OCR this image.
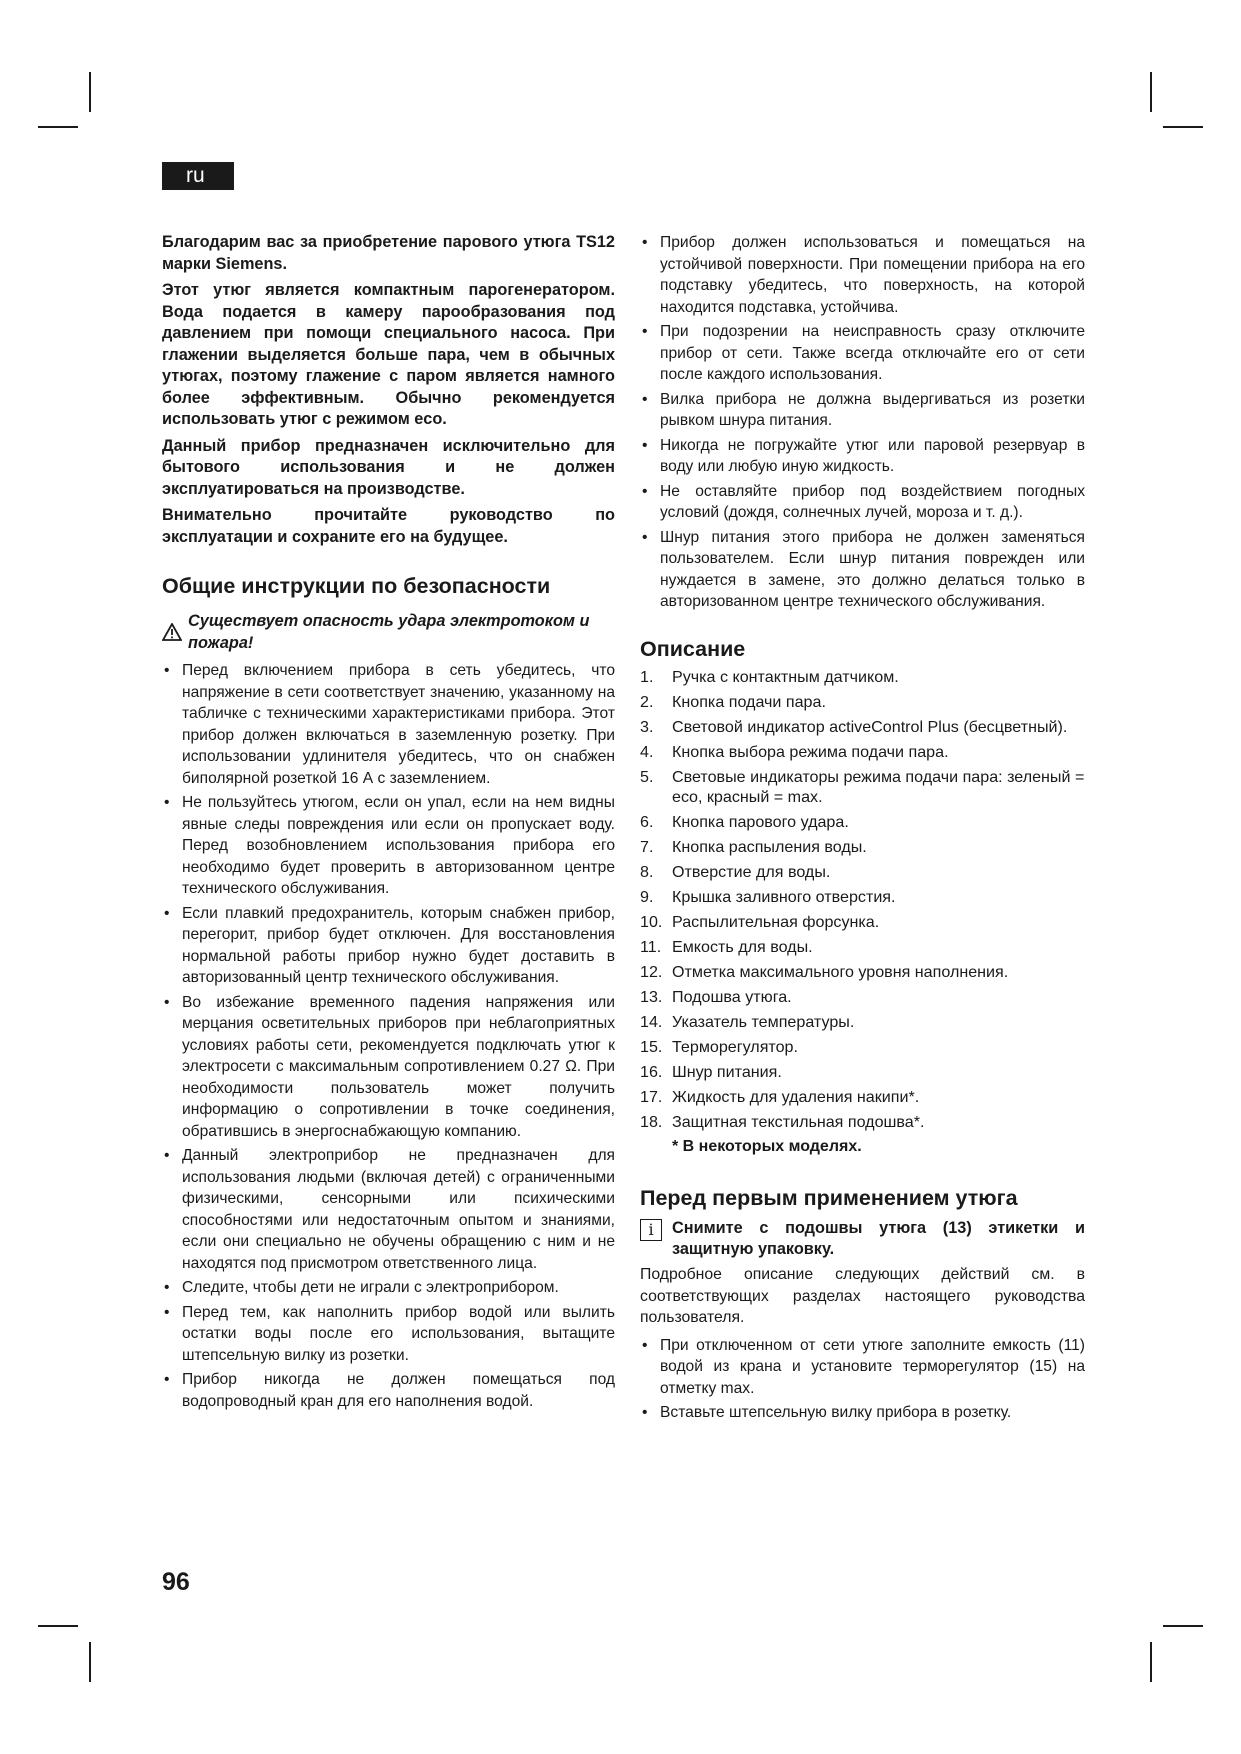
ru

Благодарим вас за приобретение парового утюга TS12 марки Siemens.

Этот утюг является компактным парогенератором. Вода подается в камеру парообразования под давлением при помощи специального насоса. При глажении выделяется больше пара, чем в обычных утюгах, поэтому глажение с паром является намного более эффективным. Обычно рекомендуется использовать утюг с режимом eco.

Данный прибор предназначен исключительно для бытового использования и не должен эксплуатироваться на производстве.

Внимательно прочитайте руководство по эксплуатации и сохраните его на будущее.

Общие инструкции по безопасности
Существует опасность удара электротоком и пожара!
• Перед включением прибора в сеть убедитесь, что напряжение в сети соответствует значению, указанному на табличке с техническими характеристиками прибора. Этот прибор должен включаться в заземленную розетку. При использовании удлинителя убедитесь, что он снабжен биполярной розеткой 16 А с заземлением.
• Не пользуйтесь утюгом, если он упал, если на нем видны явные следы повреждения или если он пропускает воду. Перед возобновлением использования прибора его необходимо будет проверить в авторизованном центре технического обслуживания.
• Если плавкий предохранитель, которым снабжен прибор, перегорит, прибор будет отключен. Для восстановления нормальной работы прибор нужно будет доставить в авторизованный центр технического обслуживания.
• Во избежание временного падения напряжения или мерцания осветительных приборов при неблагоприятных условиях работы сети, рекомендуется подключать утюг к электросети с максимальным сопротивлением 0.27 Ω. При необходимости пользователь может получить информацию о сопротивлении в точке соединения, обратившись в энергоснабжающую компанию.
• Данный электроприбор не предназначен для использования людьми (включая детей) с ограниченными физическими, сенсорными или психическими способностями или недостаточным опытом и знаниями, если они специально не обучены обращению с ним и не находятся под присмотром ответственного лица.
• Следите, чтобы дети не играли с электроприбором.
• Перед тем, как наполнить прибор водой или вылить остатки воды после его использования, вытащите штепсельную вилку из розетки.
• Прибор никогда не должен помещаться под водопроводный кран для его наполнения водой.
• Прибор должен использоваться и помещаться на устойчивой поверхности. При помещении прибора на его подставку убедитесь, что поверхность, на которой находится подставка, устойчива.
• При подозрении на неисправность сразу отключите прибор от сети. Также всегда отключайте его от сети после каждого использования.
• Вилка прибора не должна выдергиваться из розетки рывком шнура питания.
• Никогда не погружайте утюг или паровой резервуар в воду или любую иную жидкость.
• Не оставляйте прибор под воздействием погодных условий (дождя, солнечных лучей, мороза и т. д.).
• Шнур питания этого прибора не должен заменяться пользователем. Если шнур питания поврежден или нуждается в замене, это должно делаться только в авторизованном центре технического обслуживания.
Описание
1.	Ручка с контактным датчиком.
2.	Кнопка подачи пара.
3.	Световой индикатор activeControl Plus (бесцветный).
4.	Кнопка выбора режима подачи пара.
5.	Световые индикаторы режима подачи пара: зеленый = eco, красный = max.
6.	Кнопка парового удара.
7.	Кнопка распыления воды.
8.	Отверстие для воды.
9.	Крышка заливного отверстия.
10. Распылительная форсунка.
11. Емкость для воды.
12. Отметка максимального уровня наполнения.
13. Подошва утюга.
14. Указатель температуры.
15. Терморегулятор.
16. Шнур питания.
17. Жидкость для удаления накипи*.
18. Защитная текстильная подошва*.

* В некоторых моделях.

Перед первым применением утюга
i	Снимите с подошвы утюга (13) этикетки и защитную упаковку.

Подробное описание следующих действий см. в соответствующих разделах настоящего руководства пользователя.

• При отключенном от сети утюге заполните емкость (11) водой из крана и установите терморегулятор (15) на отметку max.
• Вставьте штепсельную вилку прибора в розетку.
96
